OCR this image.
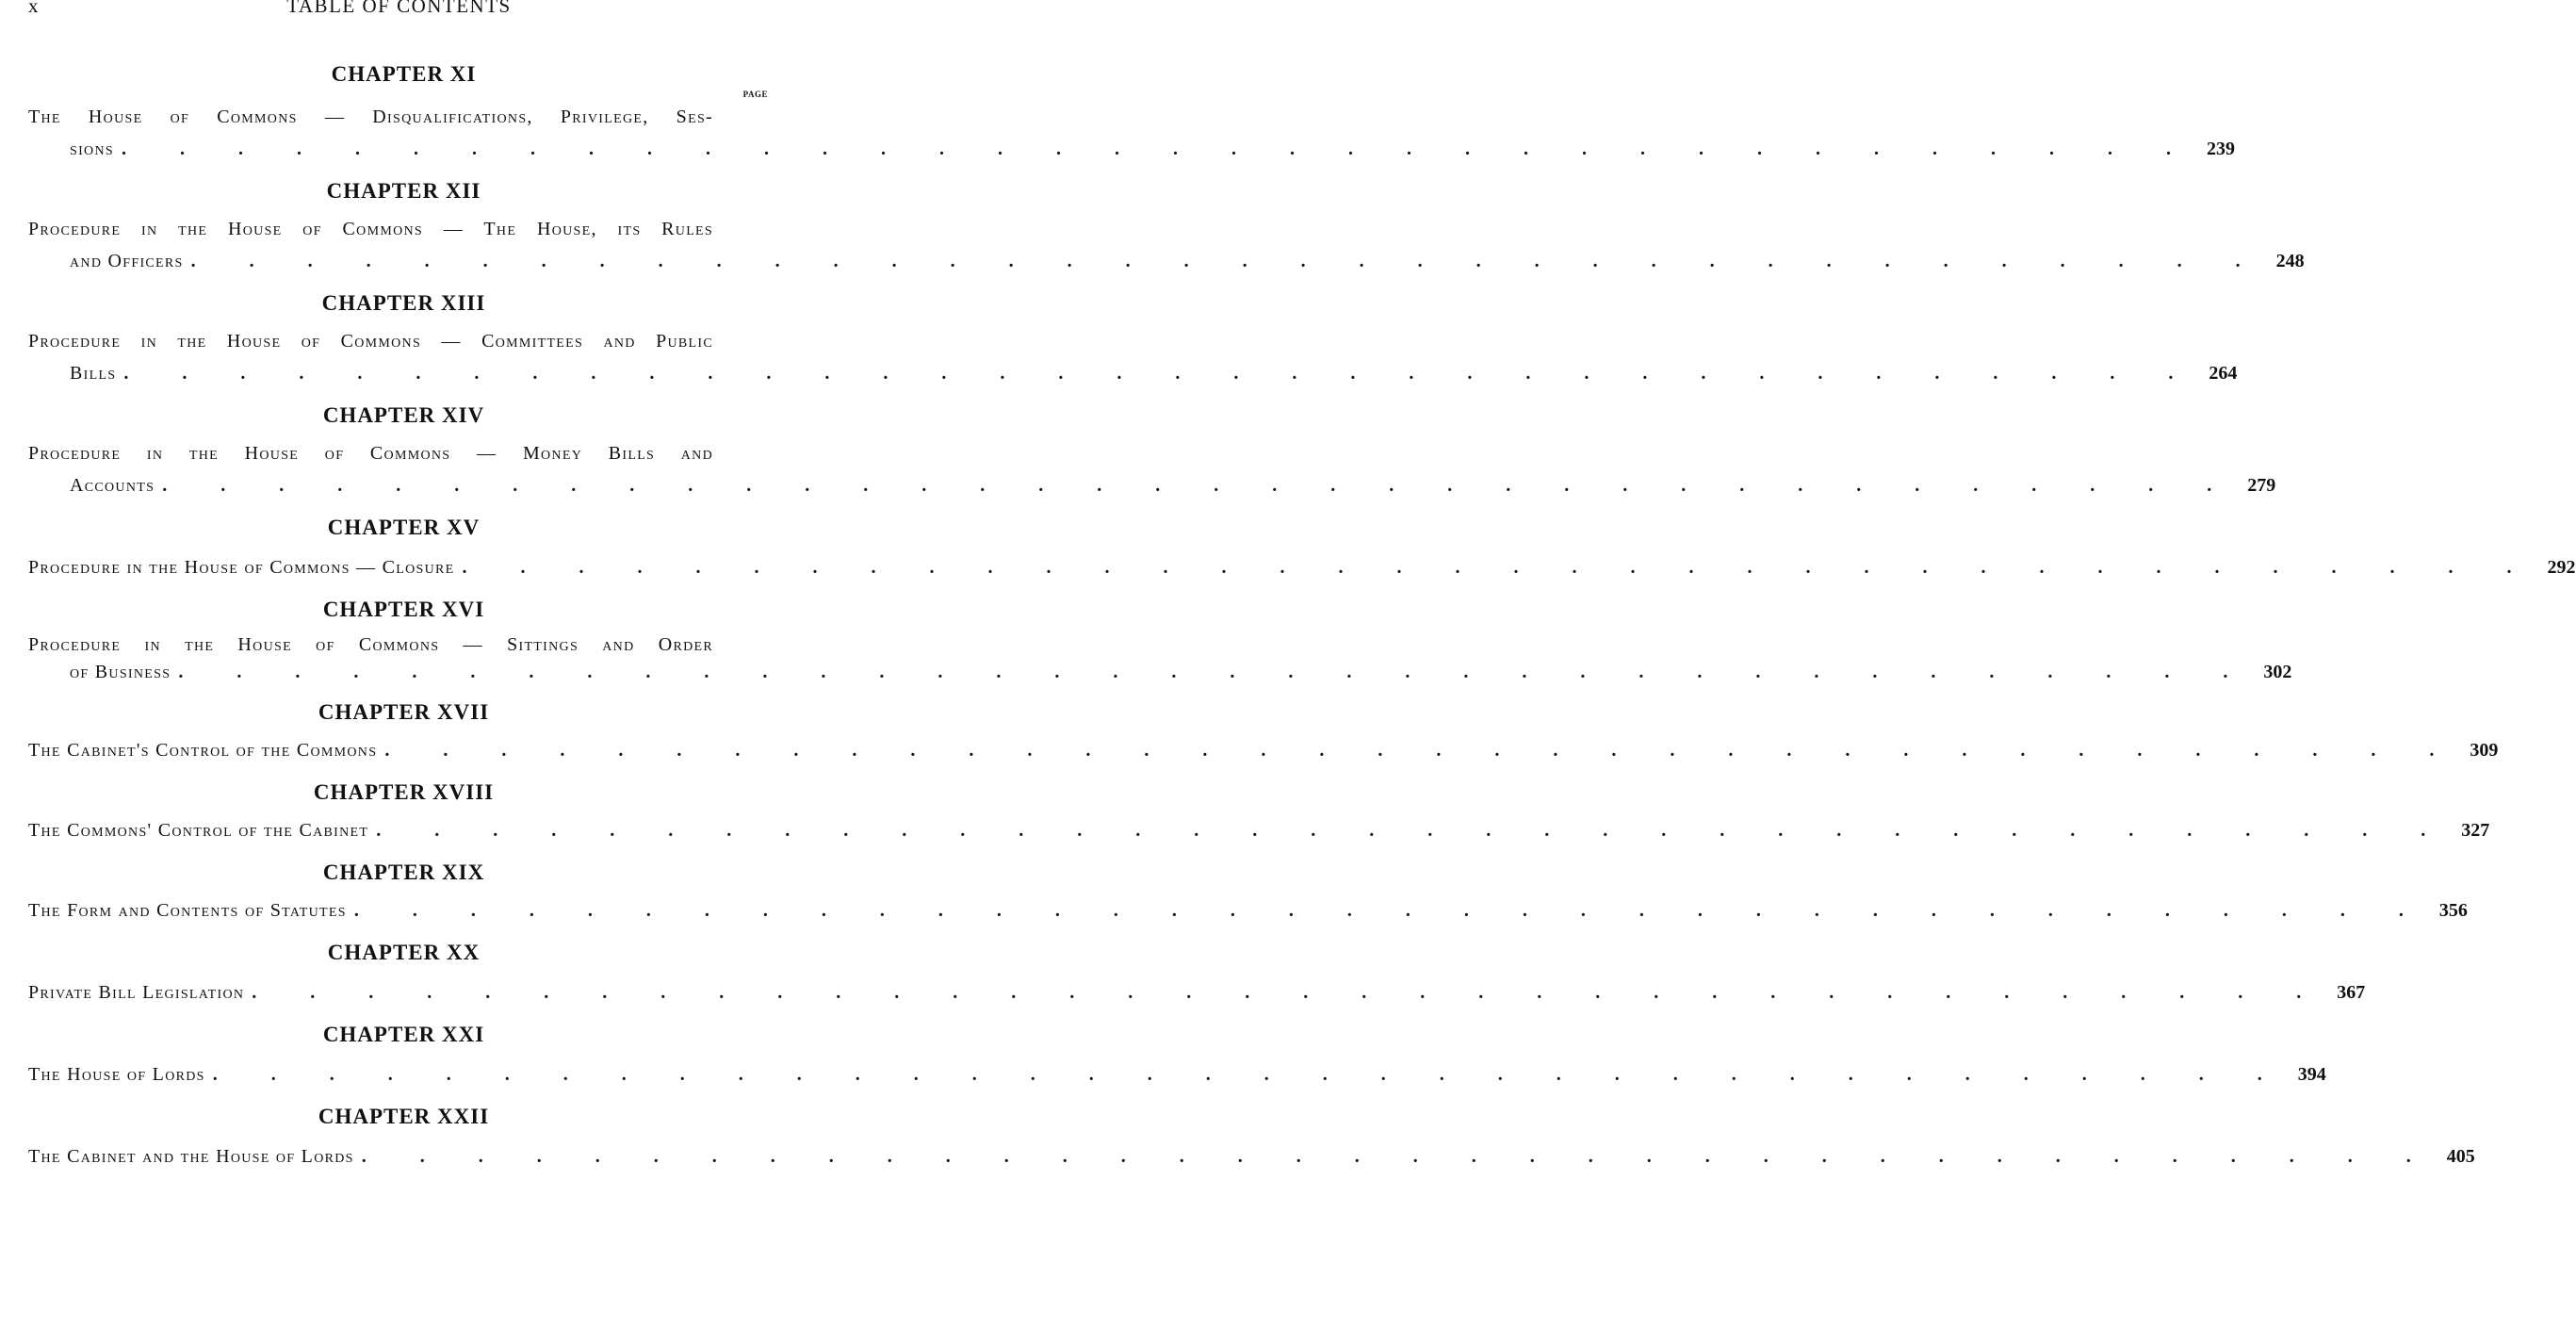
x	TABLE OF CONTENTS
PAGE
CHAPTER XI
The House of Commons — Disqualifications, Privilege, Ses-
sions . . . . . . . . . . . . . . . . . . . . . . . . . . . . . . . . . . . . 239
CHAPTER XII
Procedure in the House of Commons — The House, its Rules
and Officers . . . . . . . . . . . . . . . . . . . . . . . . . . . . . . . . . . . . 248
CHAPTER XIII
Procedure in the House of Commons — Committees and Public
Bills . . . . . . . . . . . . . . . . . . . . . . . . . . . . . . . . . . . . 264
CHAPTER XIV
Procedure in the House of Commons — Money Bills and
Accounts . . . . . . . . . . . . . . . . . . . . . . . . . . . . . . . . . . . . 279
CHAPTER XV
Procedure in the House of Commons — Closure . . . . . . . . . . . . . . . . . . . . . . . . . . . . . . . . . . . . 292
CHAPTER XVI
Procedure in the House of Commons — Sittings and Order
of Business . . . . . . . . . . . . . . . . . . . . . . . . . . . . . . . . . . . . 302
CHAPTER XVII
The Cabinet's Control of the Commons . . . . . . . . . . . . . . . . . . . . . . . . . . . . . . . . . . . . 309
CHAPTER XVIII
The Commons' Control of the Cabinet . . . . . . . . . . . . . . . . . . . . . . . . . . . . . . . . . . . . 327
CHAPTER XIX
The Form and Contents of Statutes . . . . . . . . . . . . . . . . . . . . . . . . . . . . . . . . . . . . 356
CHAPTER XX
Private Bill Legislation . . . . . . . . . . . . . . . . . . . . . . . . . . . . . . . . . . . . 367
CHAPTER XXI
The House of Lords . . . . . . . . . . . . . . . . . . . . . . . . . . . . . . . . . . . . 394
CHAPTER XXII
The Cabinet and the House of Lords . . . . . . . . . . . . . . . . . . . . . . . . . . . . . . . . . . . . 405
